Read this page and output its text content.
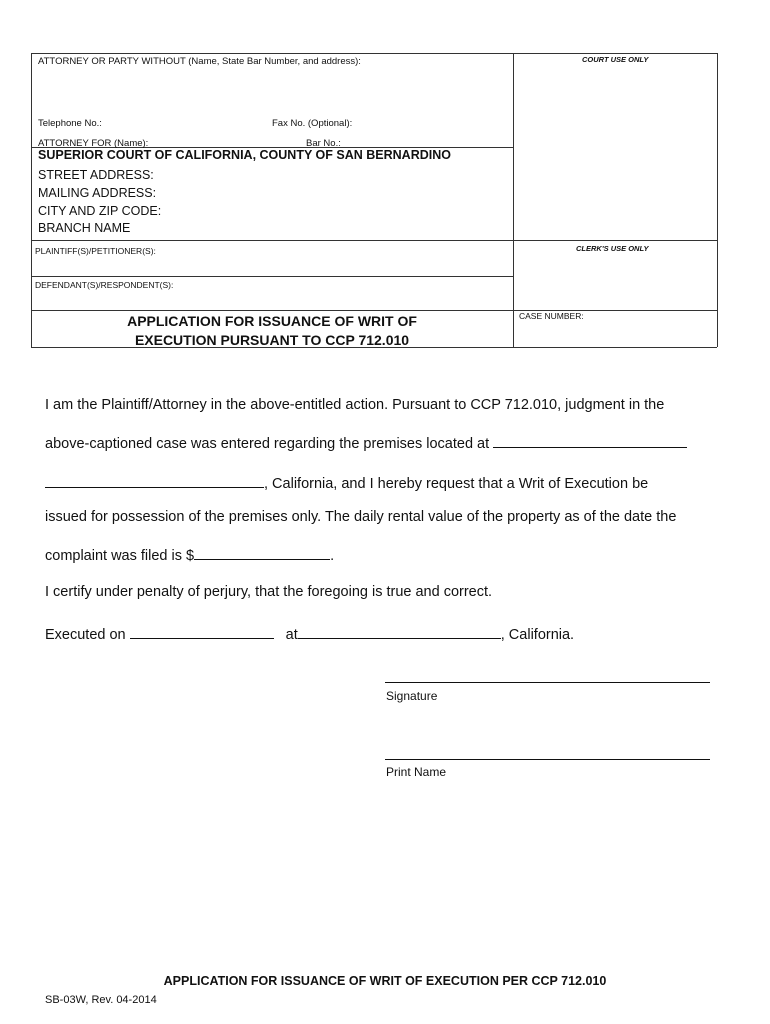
ATTORNEY OR PARTY WITHOUT (Name, State Bar Number, and address):
Telephone No.:	Fax No. (Optional):
ATTORNEY FOR (Name):	Bar No.:
COURT USE ONLY
SUPERIOR COURT OF CALIFORNIA, COUNTY OF SAN BERNARDINO
STREET ADDRESS:
MAILING ADDRESS:
CITY AND ZIP CODE:
BRANCH NAME
PLAINTIFF(S)/PETITIONER(S):	CLERK'S USE ONLY
DEFENDANT(S)/RESPONDENT(S):
APPLICATION FOR ISSUANCE OF WRIT OF
EXECUTION PURSUANT TO CCP 712.010
CASE NUMBER:
I am the Plaintiff/Attorney in the above-entitled action. Pursuant to CCP 712.010, judgment in the
above-captioned case was entered regarding the premises located at
, California, and I hereby request that a Writ of Execution be
issued for possession of the premises only. The daily rental value of the property as of the date the
complaint was filed is $	.
I certify under penalty of perjury, that the foregoing is true and correct.
Executed on	at	, California.
Signature
Print Name
APPLICATION FOR ISSUANCE OF WRIT OF EXECUTION PER CCP 712.010
SB-03W, Rev. 04-2014
